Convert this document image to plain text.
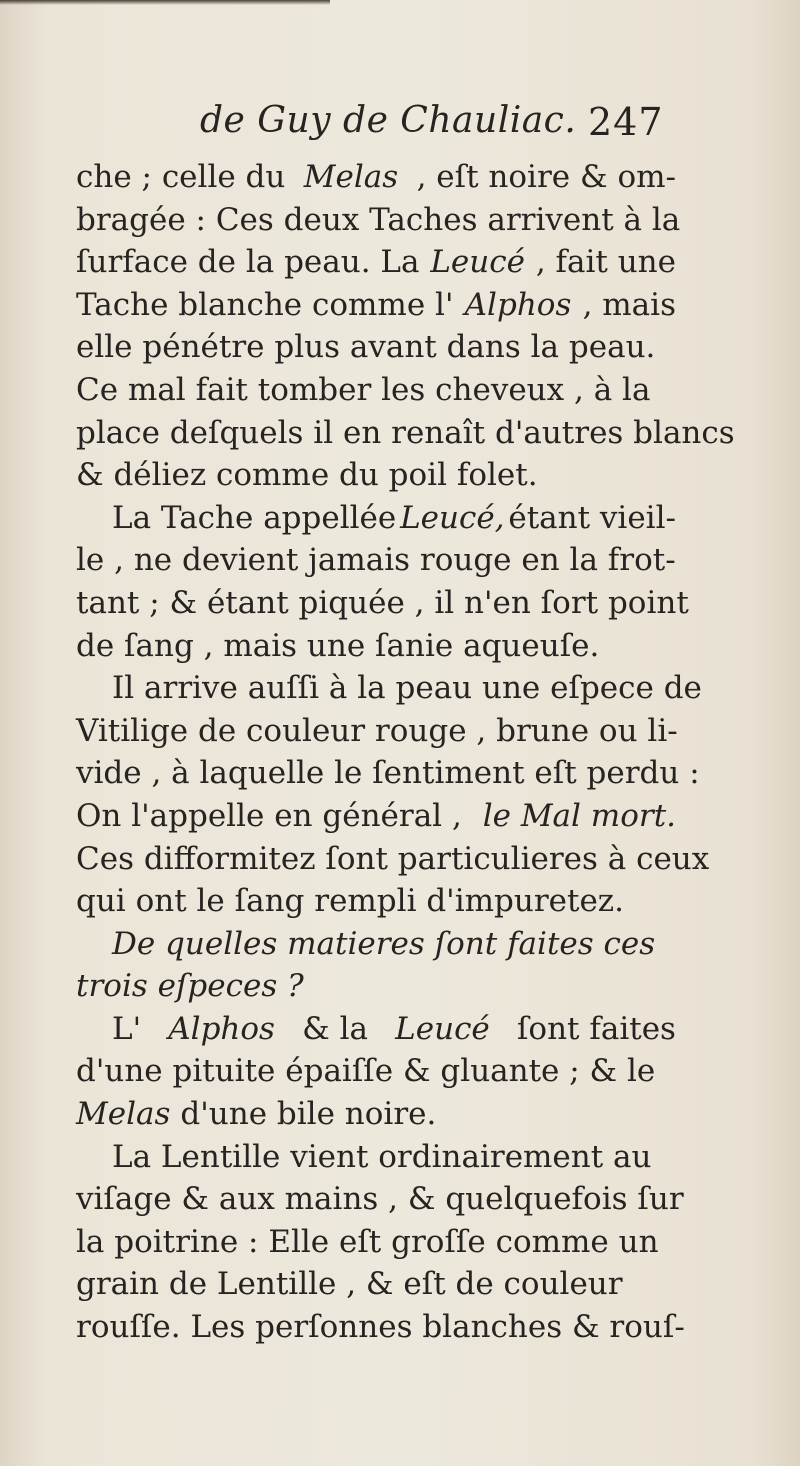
de Guy de Chauliac. 247
che ; celle du Melas , eſt noire & om-
bragée : Ces deux Taches arrivent à la
ſurface de la peau. La Leucé , fait une
Tache blanche comme l' Alphos , mais
elle pénétre plus avant dans la peau.
Ce mal fait tomber les cheveux , à la
place deſquels il en renaît d'autres blancs
& déliez comme du poil folet.
La Tache appellée Leucé, étant vieil-
le , ne devient jamais rouge en la frot-
tant ; & étant piquée , il n'en ſort point
de ſang , mais une ſanie aqueuſe.
Il arrive auſſi à la peau une eſpece de
Vitilige de couleur rouge , brune ou li-
vide , à laquelle le ſentiment eſt perdu :
On l'appelle en général , le Mal mort.
Ces difformitez ſont particulieres à ceux
qui ont le ſang rempli d'impuretez.
De quelles matieres ſont faites ces
trois eſpeces ?
L' Alphos & la Leucé ſont faites
d'une pituite épaiſſe & gluante ; & le
Melas d'une bile noire.
La Lentille vient ordinairement au
viſage & aux mains , & quelquefois ſur
la poitrine : Elle eſt groſſe comme un
grain de Lentille , & eſt de couleur
rouſſe. Les perſonnes blanches & rouſ-
